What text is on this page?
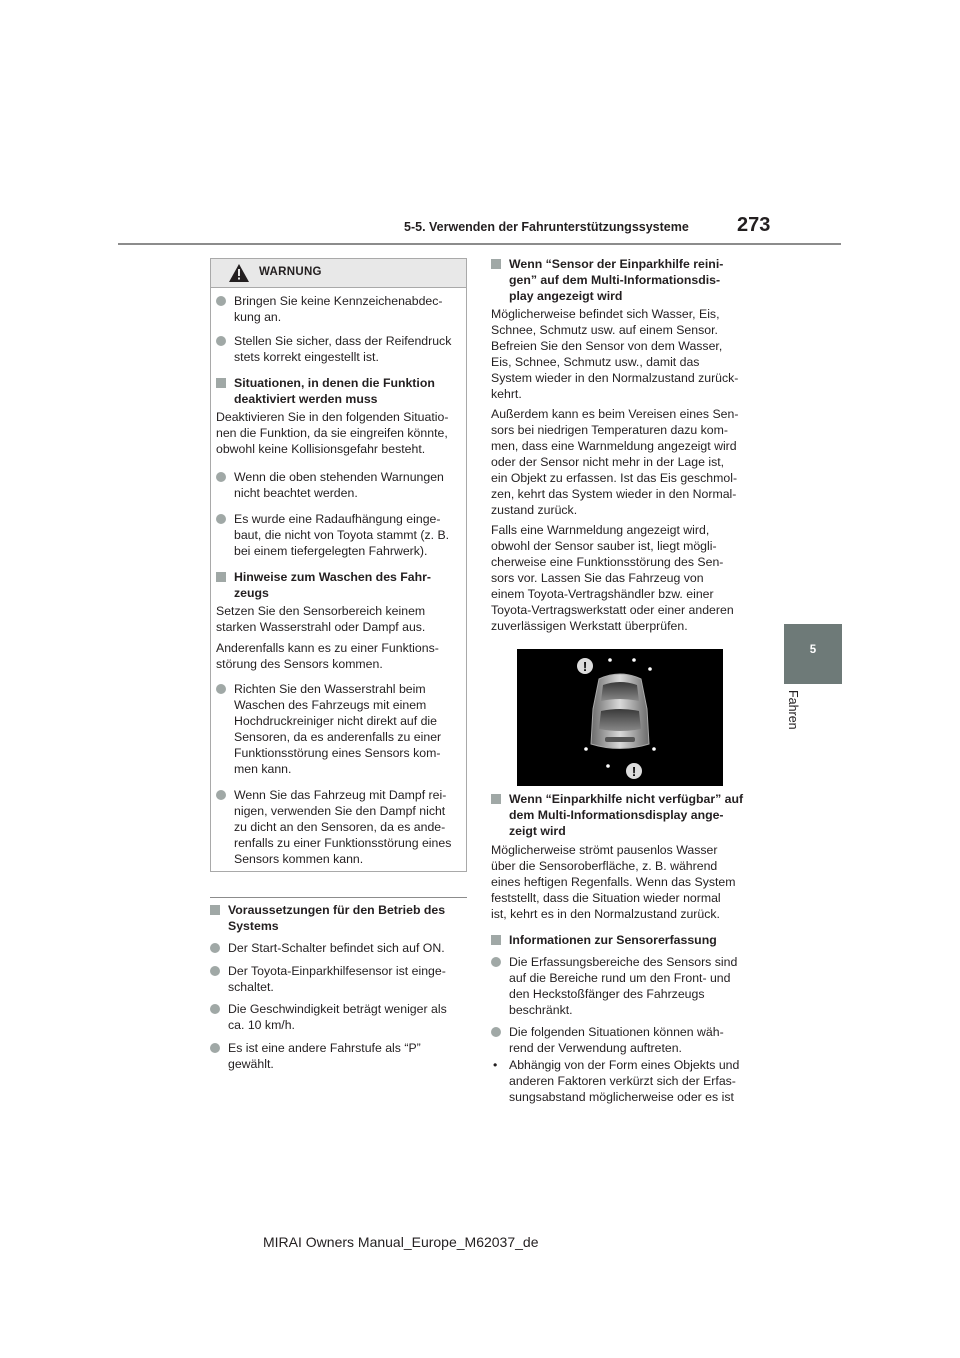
5-5. Verwenden der Fahrunterstützungssysteme 273
5
Fahren
WARNUNG
Bringen Sie keine Kennzeichenabdec-
kung an.
Stellen Sie sicher, dass der Reifendruck
stets korrekt eingestellt ist.
Situationen, in denen die Funktion
deaktiviert werden muss
Deaktivieren Sie in den folgenden Situatio-
nen die Funktion, da sie eingreifen könnte,
obwohl keine Kollisionsgefahr besteht.
Wenn die oben stehenden Warnungen
nicht beachtet werden.
Es wurde eine Radaufhängung einge-
baut, die nicht von Toyota stammt (z. B.
bei einem tiefergelegten Fahrwerk).
Hinweise zum Waschen des Fahr-
zeugs
Setzen Sie den Sensorbereich keinem
starken Wasserstrahl oder Dampf aus.
Anderenfalls kann es zu einer Funktions-
störung des Sensors kommen.
Richten Sie den Wasserstrahl beim
Waschen des Fahrzeugs mit einem
Hochdruckreiniger nicht direkt auf die
Sensoren, da es anderenfalls zu einer
Funktionsstörung eines Sensors kom-
men kann.
Wenn Sie das Fahrzeug mit Dampf rei-
nigen, verwenden Sie den Dampf nicht
zu dicht an den Sensoren, da es ande-
renfalls zu einer Funktionsstörung eines
Sensors kommen kann.
Voraussetzungen für den Betrieb des
Systems
Der Start-Schalter befindet sich auf ON.
Der Toyota-Einparkhilfesensor ist einge-
schaltet.
Die Geschwindigkeit beträgt weniger als
ca. 10 km/h.
Es ist eine andere Fahrstufe als “P”
gewählt.
Wenn “Sensor der Einparkhilfe reini-
gen” auf dem Multi-Informationsdis-
play angezeigt wird
Möglicherweise befindet sich Wasser, Eis,
Schnee, Schmutz usw. auf einem Sensor.
Befreien Sie den Sensor von dem Wasser,
Eis, Schnee, Schmutz usw., damit das
System wieder in den Normalzustand zurück-
kehrt.
Außerdem kann es beim Vereisen eines Sen-
sors bei niedrigen Temperaturen dazu kom-
men, dass eine Warnmeldung angezeigt wird
oder der Sensor nicht mehr in der Lage ist,
ein Objekt zu erfassen. Ist das Eis geschmol-
zen, kehrt das System wieder in den Normal-
zustand zurück.
Falls eine Warnmeldung angezeigt wird,
obwohl der Sensor sauber ist, liegt mögli-
cherweise eine Funktionsstörung des Sen-
sors vor. Lassen Sie das Fahrzeug von
einem Toyota-Vertragshändler bzw. einer
Toyota-Vertragswerkstatt oder einer anderen
zuverlässigen Werkstatt überprüfen.
!
!
Wenn “Einparkhilfe nicht verfügbar” auf
dem Multi-Informationsdisplay ange-
zeigt wird
Möglicherweise strömt pausenlos Wasser
über die Sensoroberfläche, z. B. während
eines heftigen Regenfalls. Wenn das System
feststellt, dass die Situation wieder normal
ist, kehrt es in den Normalzustand zurück.
Informationen zur Sensorerfassung
Die Erfassungsbereiche des Sensors sind
auf die Bereiche rund um den Front- und
den Heckstoßfänger des Fahrzeugs
beschränkt.
Die folgenden Situationen können wäh-
rend der Verwendung auftreten.
• Abhängig von der Form eines Objekts und
anderen Faktoren verkürzt sich der Erfas-
sungsabstand möglicherweise oder es ist
MIRAI Owners Manual_Europe_M62037_de
